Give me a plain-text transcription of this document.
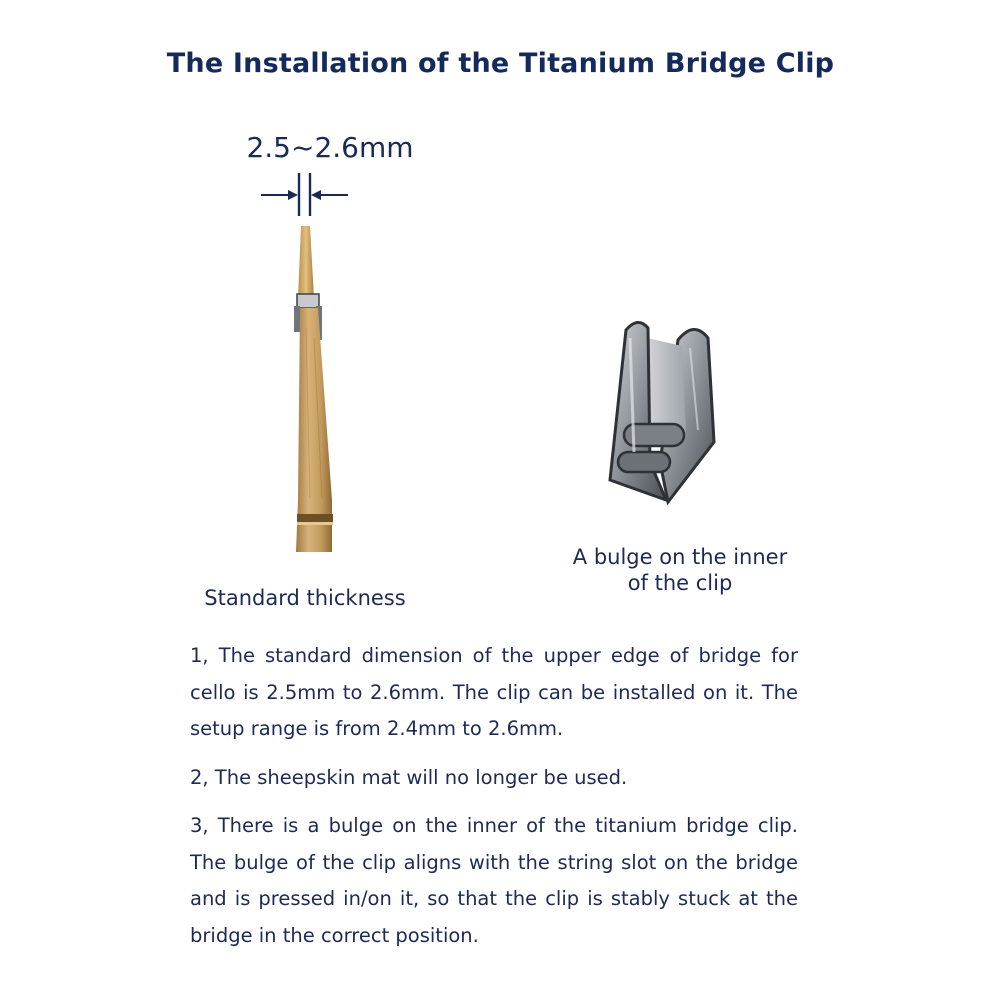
The Installation of the Titanium Bridge Clip
2.5~2.6mm
Standard thickness
A bulge on the inner
of the clip

1, The standard dimension of the upper edge of bridge for cello is 2.5mm to 2.6mm. The clip can be installed on it. The setup range is from 2.4mm to 2.6mm.

2, The sheepskin mat will no longer be used.

3, There is a bulge on the inner of the titanium bridge clip. The bulge of the clip aligns with the string slot on the bridge and is pressed in/on it, so that the clip is stably stuck at the bridge in the correct position.
